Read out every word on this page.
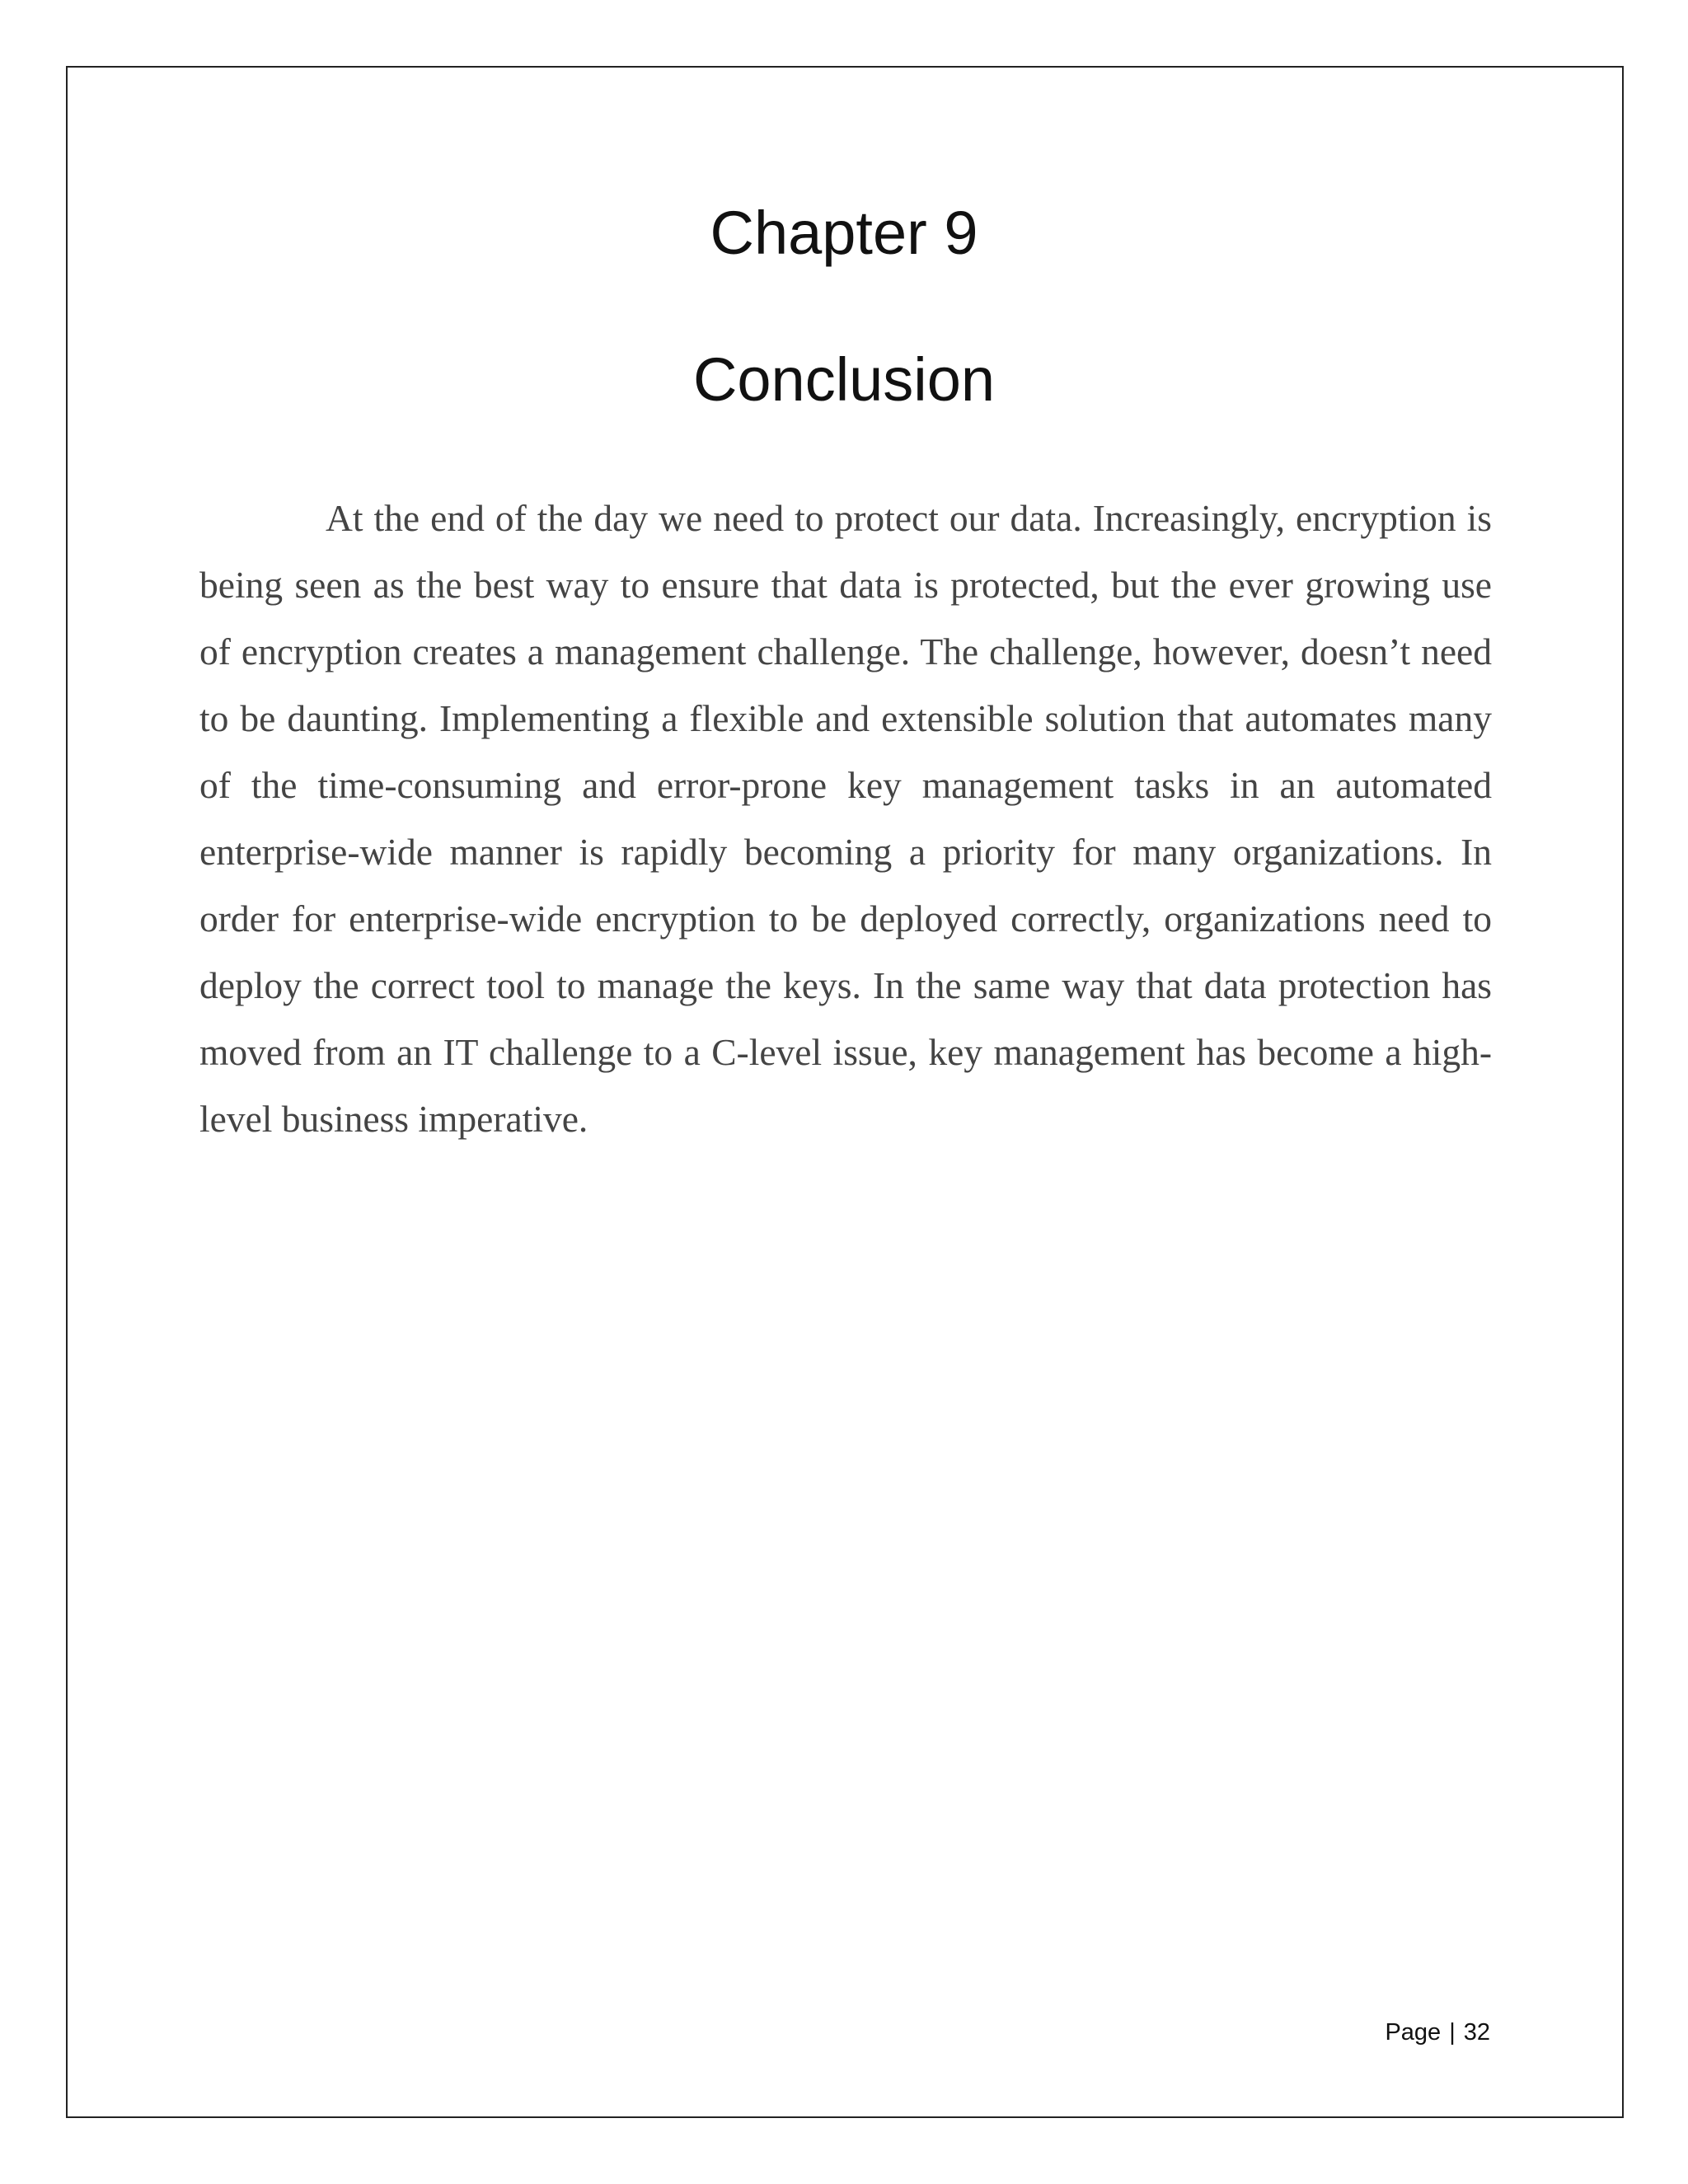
Chapter 9
Conclusion

At the end of the day we need to protect our data. Increasingly, encryption is being seen as the best way to ensure that data is protected, but the ever growing use of encryption creates a management challenge. The challenge, however, doesn’t need to be daunting. Implementing a flexible and extensible solution that automates many of the time-consuming and error-prone key management tasks in an automated enterprise-wide manner is rapidly becoming a priority for many organizations. In order for enterprise-wide encryption to be deployed correctly, organizations need to deploy the correct tool to manage the keys. In the same way that data protection has moved from an IT challenge to a C-level issue, key management has become a high-level business imperative.

Page | 32
